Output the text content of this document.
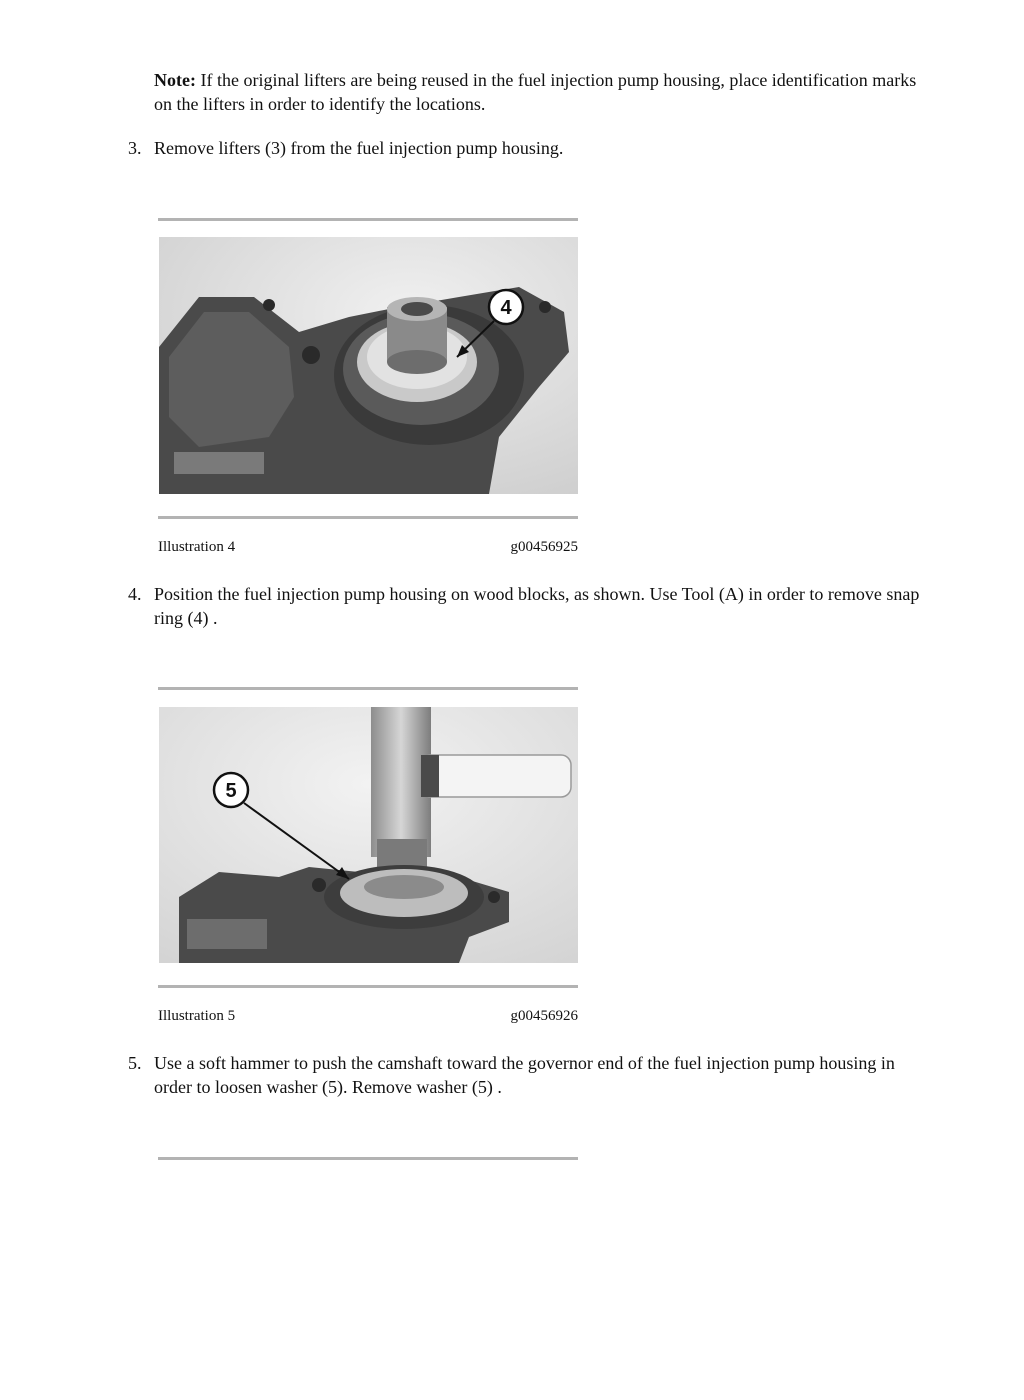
Note: If the original lifters are being reused in the fuel injection pump housing, place identification marks on the lifters in order to identify the locations.
3. Remove lifters (3) from the fuel injection pump housing.
4
Illustration 4	g00456925
4. Position the fuel injection pump housing on wood blocks, as shown. Use Tool (A) in order to remove snap ring (4) .
5
Illustration 5	g00456926
5. Use a soft hammer to push the camshaft toward the governor end of the fuel injection pump housing in order to loosen washer (5). Remove washer (5) .
